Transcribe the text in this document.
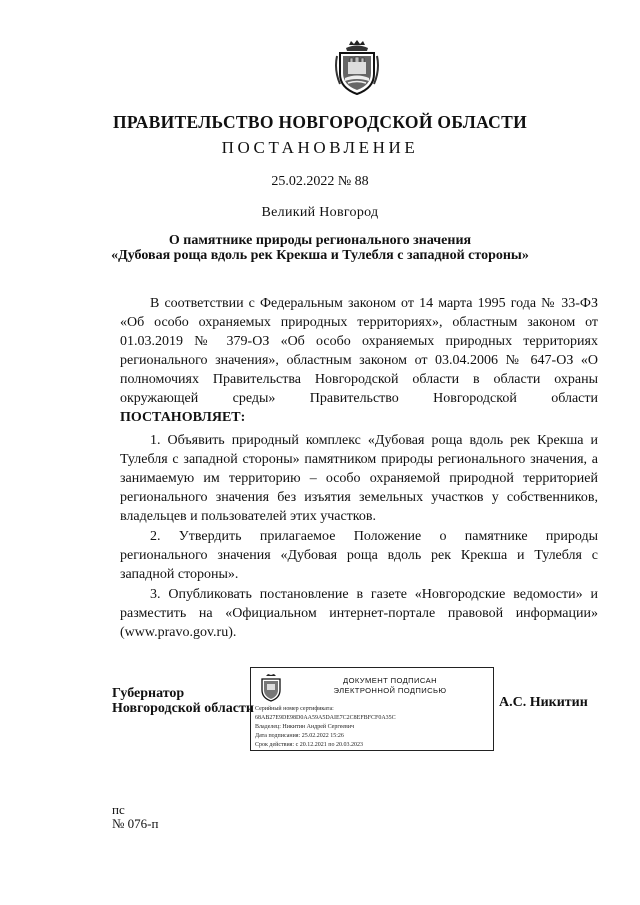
ПРАВИТЕЛЬСТВО НОВГОРОДСКОЙ ОБЛАСТИ
ПОСТАНОВЛЕНИЕ
25.02.2022 № 88
Великий Новгород
О памятнике природы регионального значения
«Дубовая роща вдоль рек Крекша и Тулебля с западной стороны»

В соответствии с Федеральным законом от 14 марта 1995 года № 33-ФЗ «Об особо охраняемых природных территориях», областным законом от 01.03.2019 № 379-ОЗ «Об особо охраняемых природных территориях регионального значения», областным законом от 03.04.2006 № 647-ОЗ «О полномочиях Правительства Новгородской области в области охраны окружающей среды» Правительство Новгородской области ПОСТАНОВЛЯЕТ:

1. Объявить природный комплекс «Дубовая роща вдоль рек Крекша и Тулебля с западной стороны» памятником природы регионального значения, а занимаемую им территорию – особо охраняемой природной территорией регионального значения без изъятия земельных участков у собственников, владельцев и пользователей этих участков.

2. Утвердить прилагаемое Положение о памятнике природы регионального значения «Дубовая роща вдоль рек Крекша и Тулебля с западной стороны».

3. Опубликовать постановление в газете «Новгородские ведомости» и разместить на «Официальном интернет-портале правовой информации» (www.pravo.gov.ru).

Губернатор
Новгородской области
ДОКУМЕНТ ПОДПИСАН
ЭЛЕКТРОННОЙ ПОДПИСЬЮ
Серийный номер сертификата:
68AB27E9DE98D0AA59A5DAIE7C2C8EFBFCF0A35C
Владелец: Никитин Андрей Сергеевич
Дата подписания: 25.02.2022 15:26
Срок действия: с 20.12.2021 по 20.03.2023
А.С. Никитин
пс
№ 076-п
